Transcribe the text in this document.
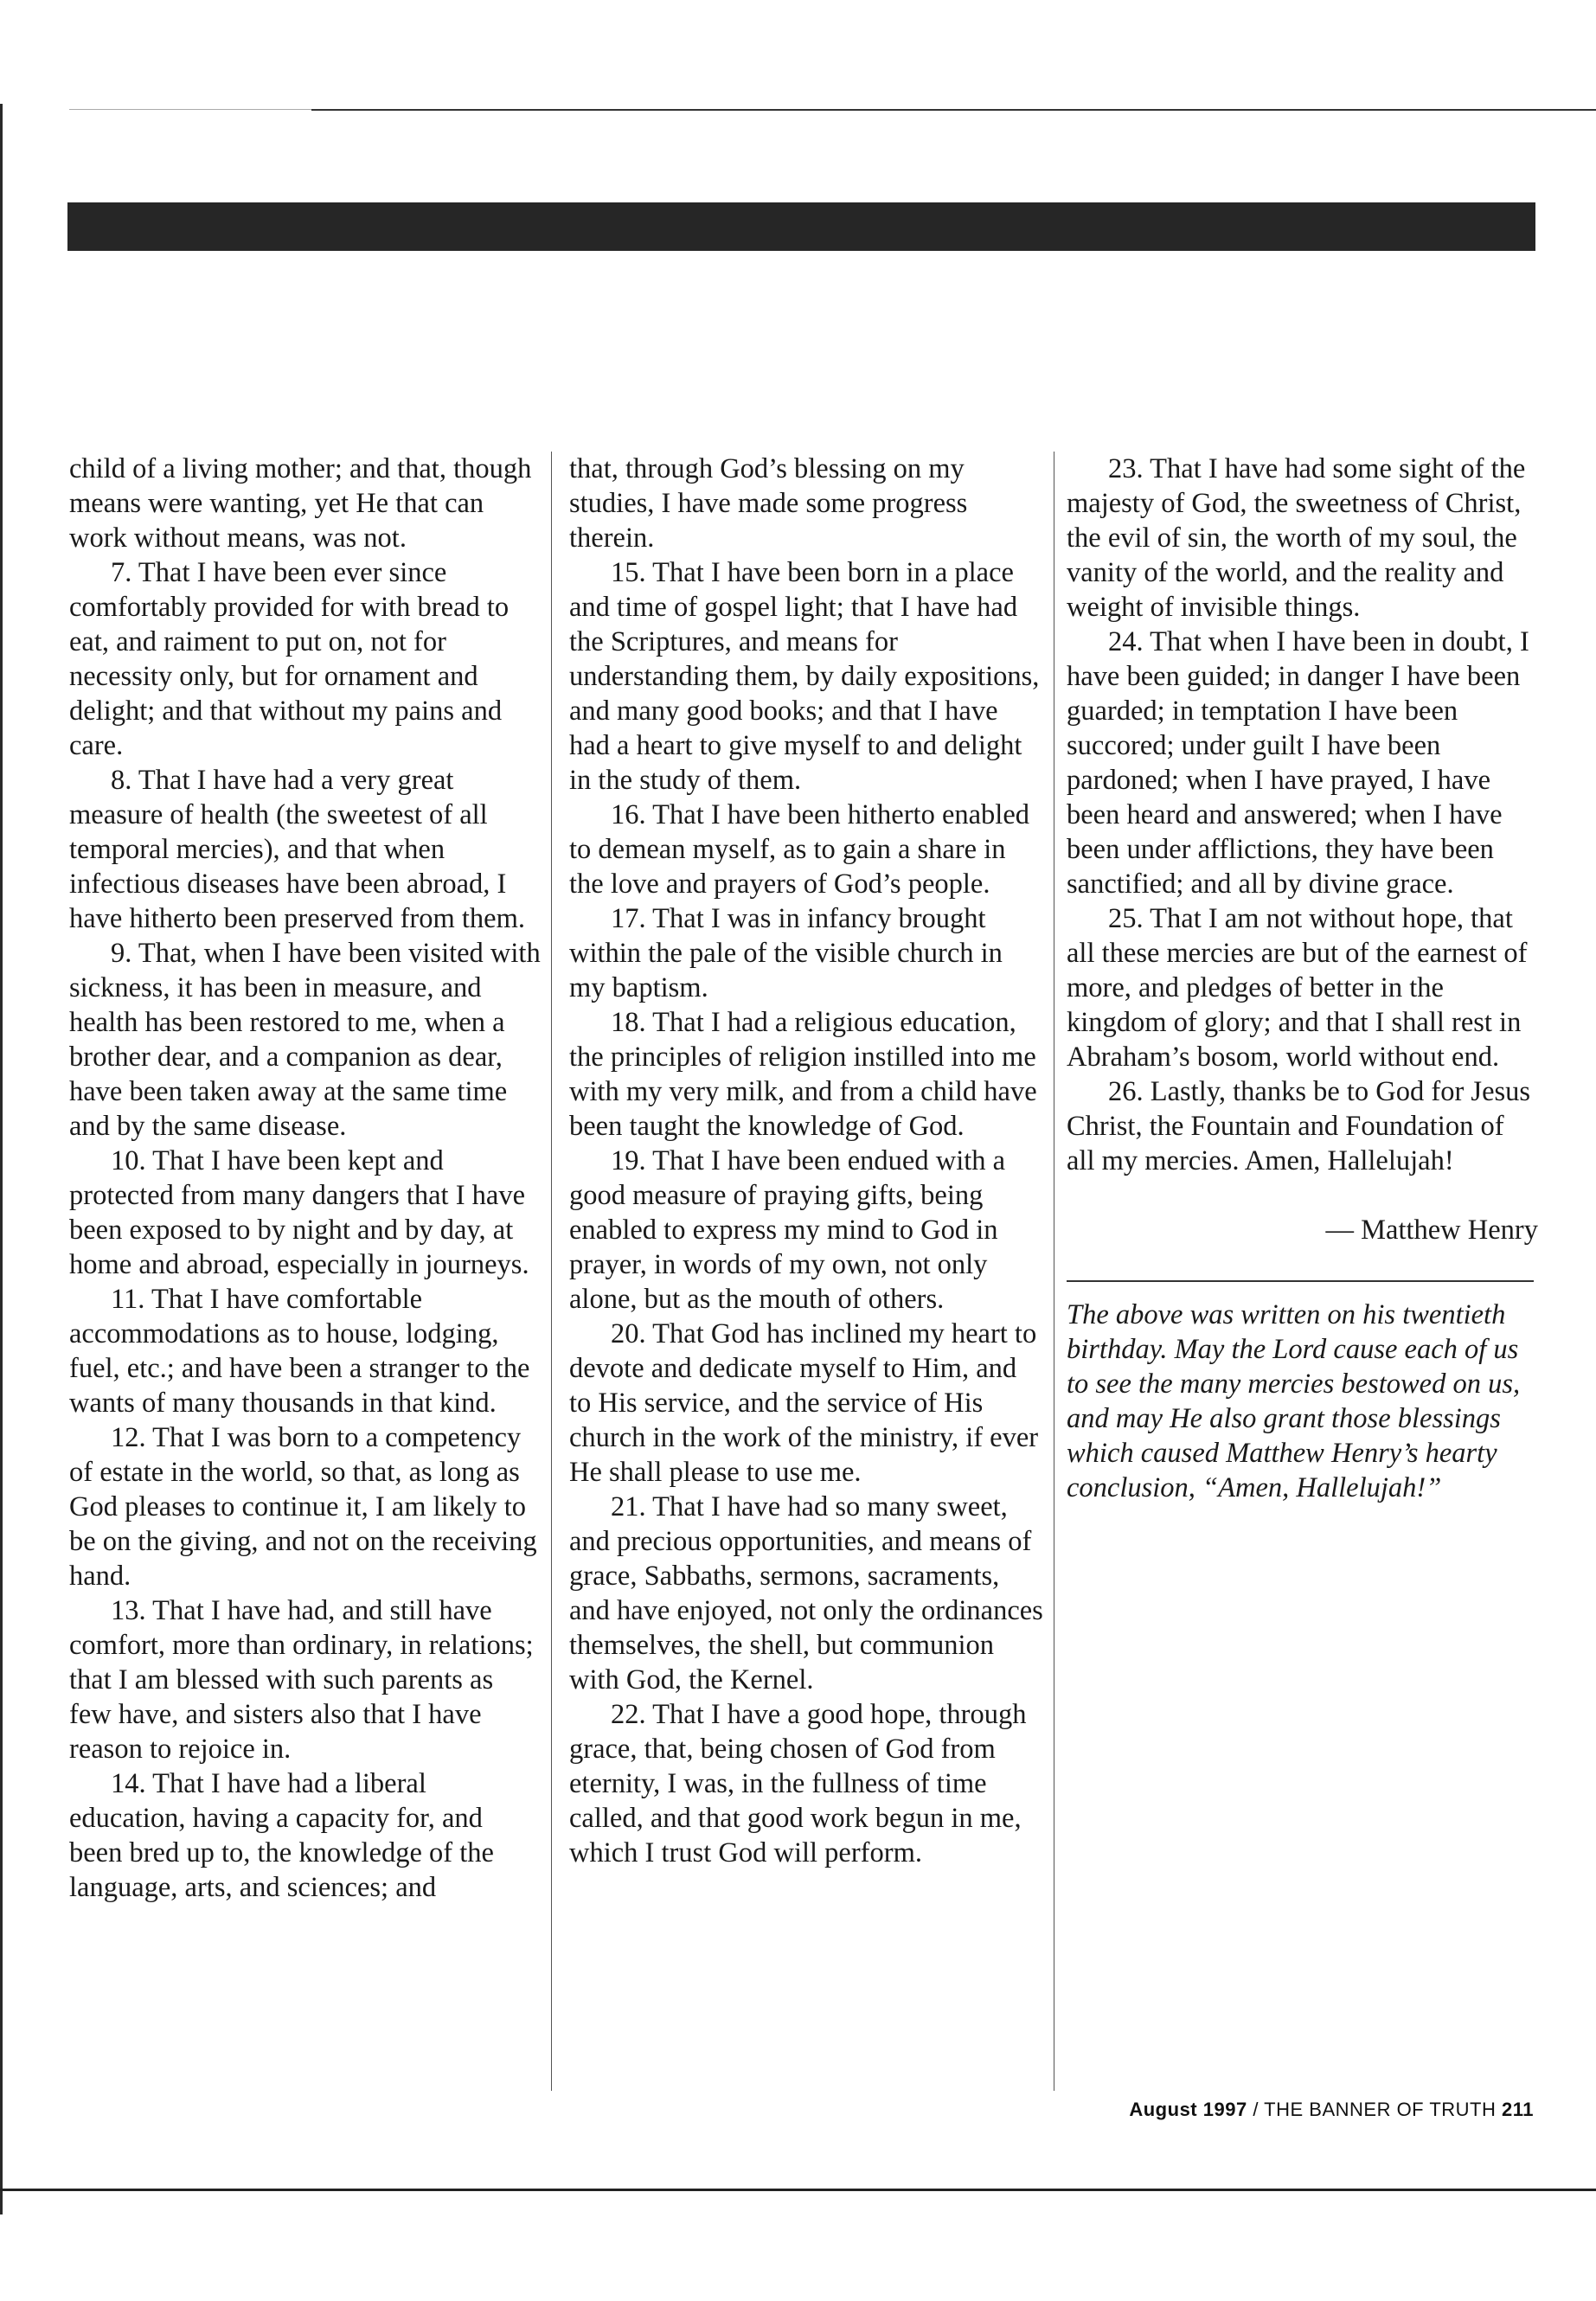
child of a living mother; and that, though means were wanting, yet He that can work without means, was not.

7. That I have been ever since comfortably provided for with bread to eat, and raiment to put on, not for necessity only, but for ornament and delight; and that without my pains and care.

8. That I have had a very great measure of health (the sweetest of all temporal mercies), and that when infectious diseases have been abroad, I have hitherto been preserved from them.

9. That, when I have been visited with sickness, it has been in measure, and health has been restored to me, when a brother dear, and a companion as dear, have been taken away at the same time and by the same disease.

10. That I have been kept and protected from many dangers that I have been exposed to by night and by day, at home and abroad, especially in journeys.

11. That I have comfortable accommodations as to house, lodging, fuel, etc.; and have been a stranger to the wants of many thousands in that kind.

12. That I was born to a competency of estate in the world, so that, as long as God pleases to continue it, I am likely to be on the giving, and not on the receiving hand.

13. That I have had, and still have comfort, more than ordinary, in relations; that I am blessed with such parents as few have, and sisters also that I have reason to rejoice in.

14. That I have had a liberal education, having a capacity for, and been bred up to, the knowledge of the language, arts, and sciences; and

that, through God’s blessing on my studies, I have made some progress therein.

15. That I have been born in a place and time of gospel light; that I have had the Scriptures, and means for understanding them, by daily expositions, and many good books; and that I have had a heart to give myself to and delight in the study of them.

16. That I have been hitherto enabled to demean myself, as to gain a share in the love and prayers of God’s people.

17. That I was in infancy brought within the pale of the visible church in my baptism.

18. That I had a religious education, the principles of religion instilled into me with my very milk, and from a child have been taught the knowledge of God.

19. That I have been endued with a good measure of praying gifts, being enabled to express my mind to God in prayer, in words of my own, not only alone, but as the mouth of others.

20. That God has inclined my heart to devote and dedicate myself to Him, and to His service, and the service of His church in the work of the ministry, if ever He shall please to use me.

21. That I have had so many sweet, and precious opportunities, and means of grace, Sabbaths, sermons, sacraments, and have enjoyed, not only the ordinances themselves, the shell, but communion with God, the Kernel.

22. That I have a good hope, through grace, that, being chosen of God from eternity, I was, in the fullness of time called, and that good work begun in me, which I trust God will perform.

23. That I have had some sight of the majesty of God, the sweetness of Christ, the evil of sin, the worth of my soul, the vanity of the world, and the reality and weight of invisible things.

24. That when I have been in doubt, I have been guided; in danger I have been guarded; in temptation I have been succored; under guilt I have been pardoned; when I have prayed, I have been heard and answered; when I have been under afflictions, they have been sanctified; and all by divine grace.

25. That I am not without hope, that all these mercies are but of the earnest of more, and pledges of better in the kingdom of glory; and that I shall rest in Abraham’s bosom, world without end.

26. Lastly, thanks be to God for Jesus Christ, the Fountain and Foundation of all my mercies. Amen, Hallelujah!

— Matthew Henry

The above was written on his twentieth birthday. May the Lord cause each of us to see the many mercies bestowed on us, and may He also grant those blessings which caused Matthew Henry’s hearty conclusion, “Amen, Hallelujah!”

August 1997 / THE BANNER OF TRUTH 211
